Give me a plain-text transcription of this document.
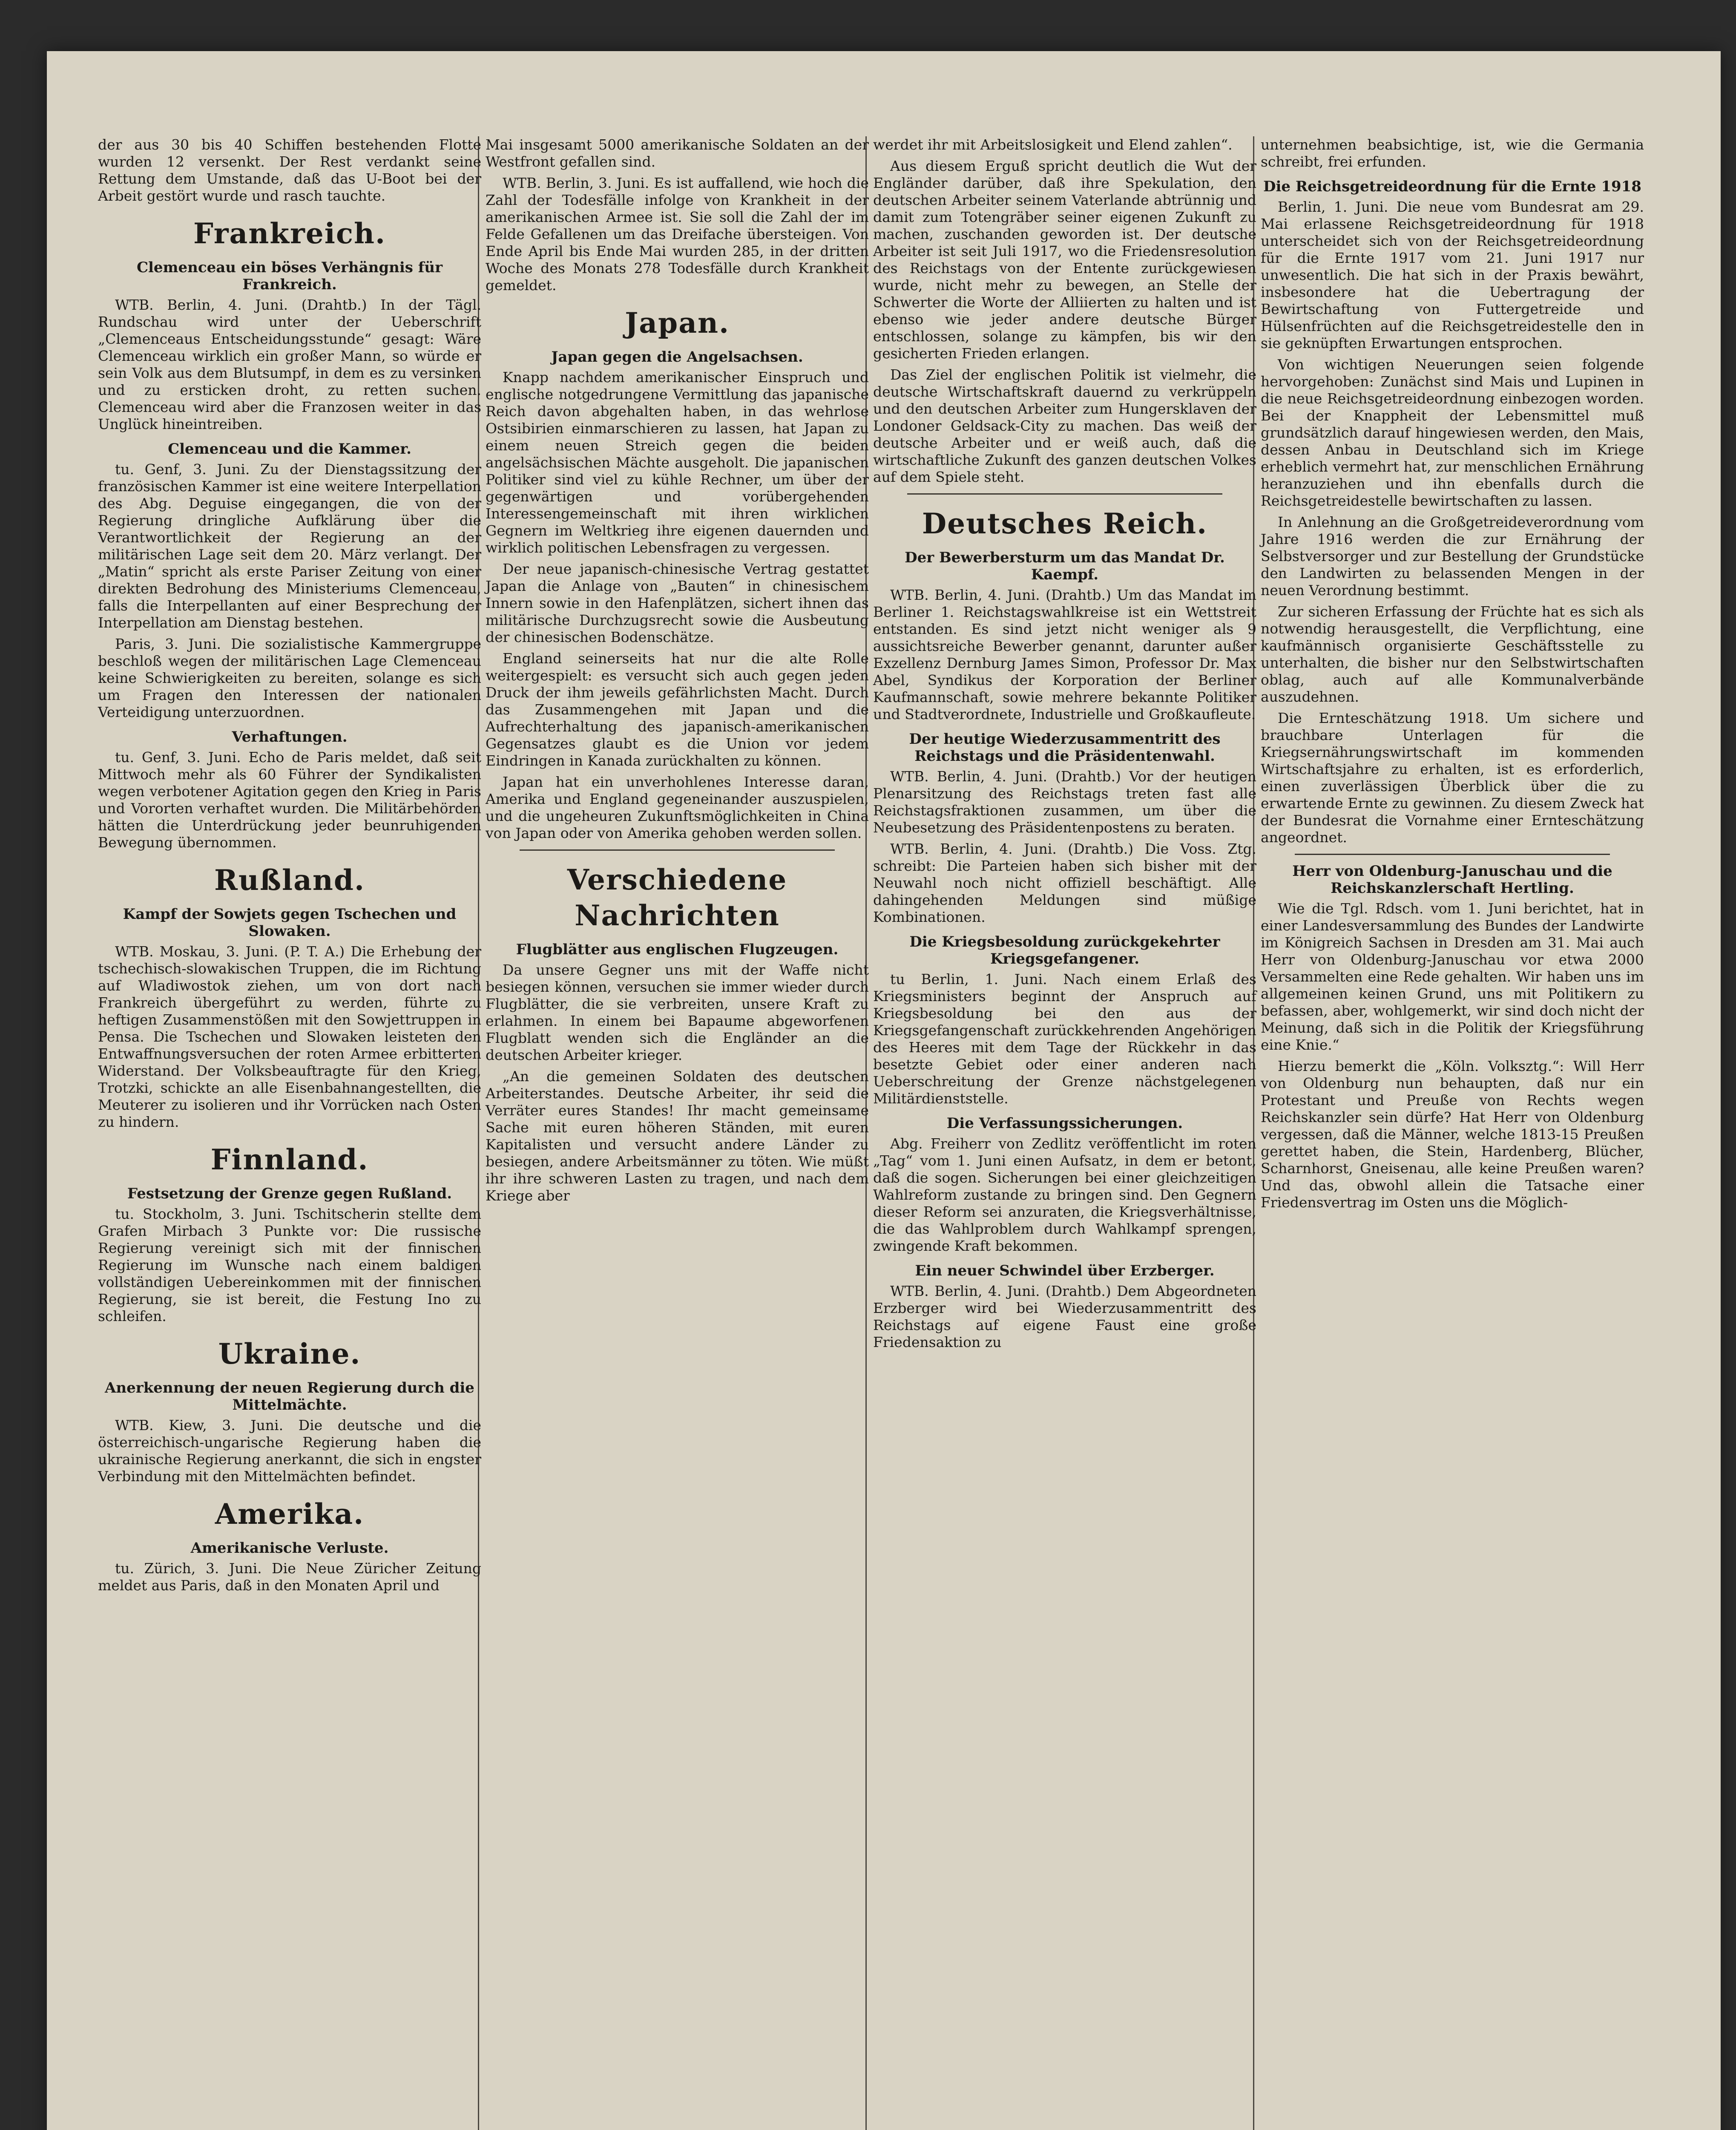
der aus 30 bis 40 Schiffen bestehenden Flotte wurden 12 versenkt. Der Rest verdankt seine Rettung dem Umstande, daß das U-Boot bei der Arbeit gestört wurde und rasch tauchte.

Frankreich.
Clemenceau ein böses Verhängnis für Frankreich.

WTB. Berlin, 4. Juni. (Drahtb.) In der Tägl. Rundschau wird unter der Ueberschrift „Clemenceaus Entscheidungsstunde“ gesagt: Wäre Clemenceau wirklich ein großer Mann, so würde er sein Volk aus dem Blutsumpf, in dem es zu versinken und zu ersticken droht, zu retten suchen. Clemenceau wird aber die Franzosen weiter in das Unglück hineintreiben.

Clemenceau und die Kammer.

tu. Genf, 3. Juni. Zu der Dienstagssitzung der französischen Kammer ist eine weitere Interpellation des Abg. Deguise eingegangen, die von der Regierung dringliche Aufklärung über die Verantwortlichkeit der Regierung an der militärischen Lage seit dem 20. März verlangt. Der „Matin“ spricht als erste Pariser Zeitung von einer direkten Bedrohung des Ministeriums Clemenceau, falls die Interpellanten auf einer Besprechung der Interpellation am Dienstag bestehen.

Paris, 3. Juni. Die sozialistische Kammergruppe beschloß wegen der militärischen Lage Clemenceau keine Schwierigkeiten zu bereiten, solange es sich um Fragen den Interessen der nationalen Verteidigung unterzuordnen.

Verhaftungen.

tu. Genf, 3. Juni. Echo de Paris meldet, daß seit Mittwoch mehr als 60 Führer der Syndikalisten wegen verbotener Agitation gegen den Krieg in Paris und Vororten verhaftet wurden. Die Militärbehörden hätten die Unterdrückung jeder beunruhigenden Bewegung übernommen.

Rußland.
Kampf der Sowjets gegen Tschechen und Slowaken.

WTB. Moskau, 3. Juni. (P. T. A.) Die Erhebung der tschechisch-slowakischen Truppen, die im Richtung auf Wladiwostok ziehen, um von dort nach Frankreich übergeführt zu werden, führte zu heftigen Zusammenstößen mit den Sowjettruppen in Pensa. Die Tschechen und Slowaken leisteten den Entwaffnungsversuchen der roten Armee erbitterten Widerstand. Der Volksbeauftragte für den Krieg, Trotzki, schickte an alle Eisenbahnangestellten, die Meuterer zu isolieren und ihr Vorrücken nach Osten zu hindern.

Finnland.
Festsetzung der Grenze gegen Rußland.

tu. Stockholm, 3. Juni. Tschitscherin stellte dem Grafen Mirbach 3 Punkte vor: Die russische Regierung vereinigt sich mit der finnischen Regierung im Wunsche nach einem baldigen vollständigen Uebereinkommen mit der finnischen Regierung, sie ist bereit, die Festung Ino zu schleifen.

Ukraine.
Anerkennung der neuen Regierung durch die Mittelmächte.

WTB. Kiew, 3. Juni. Die deutsche und die österreichisch-ungarische Regierung haben die ukrainische Regierung anerkannt, die sich in engster Verbindung mit den Mittelmächten befindet.

Amerika.
Amerikanische Verluste.

tu. Zürich, 3. Juni. Die Neue Züricher Zeitung meldet aus Paris, daß in den Monaten April und

Mai insgesamt 5000 amerikanische Soldaten an der Westfront gefallen sind.

WTB. Berlin, 3. Juni. Es ist auffallend, wie hoch die Zahl der Todesfälle infolge von Krankheit in der amerikanischen Armee ist. Sie soll die Zahl der im Felde Gefallenen um das Dreifache übersteigen. Von Ende April bis Ende Mai wurden 285, in der dritten Woche des Monats 278 Todesfälle durch Krankheit gemeldet.

Japan.
Japan gegen die Angelsachsen.

Knapp nachdem amerikanischer Einspruch und englische notgedrungene Vermittlung das japanische Reich davon abgehalten haben, in das wehrlose Ostsibirien einmarschieren zu lassen, hat Japan zu einem neuen Streich gegen die beiden angelsächsischen Mächte ausgeholt. Die japanischen Politiker sind viel zu kühle Rechner, um über der gegenwärtigen und vorübergehenden Interessengemeinschaft mit ihren wirklichen Gegnern im Weltkrieg ihre eigenen dauernden und wirklich politischen Lebensfragen zu vergessen.

Der neue japanisch-chinesische Vertrag gestattet Japan die Anlage von „Bauten“ in chinesischem Innern sowie in den Hafenplätzen, sichert ihnen das militärische Durchzugsrecht sowie die Ausbeutung der chinesischen Bodenschätze.

England seinerseits hat nur die alte Rolle weitergespielt: es versucht sich auch gegen jeden Druck der ihm jeweils gefährlichsten Macht. Durch das Zusammengehen mit Japan und die Aufrechterhaltung des japanisch-amerikanischen Gegensatzes glaubt es die Union vor jedem Eindringen in Kanada zurückhalten zu können.

Japan hat ein unverhohlenes Interesse daran, Amerika und England gegeneinander auszuspielen, und die ungeheuren Zukunftsmöglichkeiten in China von Japan oder von Amerika gehoben werden sollen.

Verschiedene Nachrichten
Flugblätter aus englischen Flugzeugen.

Da unsere Gegner uns mit der Waffe nicht besiegen können, versuchen sie immer wieder durch Flugblätter, die sie verbreiten, unsere Kraft zu erlahmen. In einem bei Bapaume abgeworfenen Flugblatt wenden sich die Engländer an die deutschen Arbeiter krieger.

„An die gemeinen Soldaten des deutschen Arbeiterstandes. Deutsche Arbeiter, ihr seid die Verräter eures Standes! Ihr macht gemeinsame Sache mit euren höheren Ständen, mit euren Kapitalisten und versucht andere Länder zu besiegen, andere Arbeitsmänner zu töten. Wie müßt ihr ihre schweren Lasten zu tragen, und nach dem Kriege aber

werdet ihr mit Arbeitslosigkeit und Elend zahlen“.

Aus diesem Erguß spricht deutlich die Wut der Engländer darüber, daß ihre Spekulation, den deutschen Arbeiter seinem Vaterlande abtrünnig und damit zum Totengräber seiner eigenen Zukunft zu machen, zuschanden geworden ist. Der deutsche Arbeiter ist seit Juli 1917, wo die Friedensresolution des Reichstags von der Entente zurückgewiesen wurde, nicht mehr zu bewegen, an Stelle der Schwerter die Worte der Alliierten zu halten und ist ebenso wie jeder andere deutsche Bürger entschlossen, solange zu kämpfen, bis wir den gesicherten Frieden erlangen.

Das Ziel der englischen Politik ist vielmehr, die deutsche Wirtschaftskraft dauernd zu verkrüppeln und den deutschen Arbeiter zum Hungersklaven der Londoner Geldsack-City zu machen. Das weiß der deutsche Arbeiter und er weiß auch, daß die wirtschaftliche Zukunft des ganzen deutschen Volkes auf dem Spiele steht.

Deutsches Reich.
Der Bewerbersturm um das Mandat Dr. Kaempf.

WTB. Berlin, 4. Juni. (Drahtb.) Um das Mandat im Berliner 1. Reichstagswahlkreise ist ein Wettstreit entstanden. Es sind jetzt nicht weniger als 9 aussichtsreiche Bewerber genannt, darunter außer Exzellenz Dernburg James Simon, Professor Dr. Max Abel, Syndikus der Korporation der Berliner Kaufmannschaft, sowie mehrere bekannte Politiker und Stadtverordnete, Industrielle und Großkaufleute.

Der heutige Wiederzusammentritt des Reichstags und die Präsidentenwahl.

WTB. Berlin, 4. Juni. (Drahtb.) Vor der heutigen Plenarsitzung des Reichstags treten fast alle Reichstagsfraktionen zusammen, um über die Neubesetzung des Präsidentenpostens zu beraten.

WTB. Berlin, 4. Juni. (Drahtb.) Die Voss. Ztg. schreibt: Die Parteien haben sich bisher mit der Neuwahl noch nicht offiziell beschäftigt. Alle dahingehenden Meldungen sind müßige Kombinationen.

Die Kriegsbesoldung zurückgekehrter Kriegsgefangener.

tu Berlin, 1. Juni. Nach einem Erlaß des Kriegsministers beginnt der Anspruch auf Kriegsbesoldung bei den aus der Kriegsgefangenschaft zurückkehrenden Angehörigen des Heeres mit dem Tage der Rückkehr in das besetzte Gebiet oder einer anderen nach Ueberschreitung der Grenze nächstgelegenen Militärdienststelle.

Die Verfassungssicherungen.

Abg. Freiherr von Zedlitz veröffentlicht im roten „Tag“ vom 1. Juni einen Aufsatz, in dem er betont, daß die sogen. Sicherungen bei einer gleichzeitigen Wahlreform zustande zu bringen sind. Den Gegnern dieser Reform sei anzuraten, die Kriegsverhältnisse, die das Wahlproblem durch Wahlkampf sprengen, zwingende Kraft bekommen.

Ein neuer Schwindel über Erzberger.

WTB. Berlin, 4. Juni. (Drahtb.) Dem Abgeordneten Erzberger wird bei Wiederzusammentritt des Reichstags auf eigene Faust eine große Friedensaktion zu

unternehmen beabsichtige, ist, wie die Germania schreibt, frei erfunden.

Die Reichsgetreideordnung für die Ernte 1918

Berlin, 1. Juni. Die neue vom Bundesrat am 29. Mai erlassene Reichsgetreideordnung für 1918 unterscheidet sich von der Reichsgetreideordnung für die Ernte 1917 vom 21. Juni 1917 nur unwesentlich. Die hat sich in der Praxis bewährt, insbesondere hat die Uebertragung der Bewirtschaftung von Futtergetreide und Hülsenfrüchten auf die Reichsgetreidestelle den in sie geknüpften Erwartungen entsprochen.

Von wichtigen Neuerungen seien folgende hervorgehoben: Zunächst sind Mais und Lupinen in die neue Reichsgetreideordnung einbezogen worden. Bei der Knappheit der Lebensmittel muß grundsätzlich darauf hingewiesen werden, den Mais, dessen Anbau in Deutschland sich im Kriege erheblich vermehrt hat, zur menschlichen Ernährung heranzuziehen und ihn ebenfalls durch die Reichsgetreidestelle bewirtschaften zu lassen.

In Anlehnung an die Großgetreideverordnung vom Jahre 1916 werden die zur Ernährung der Selbstversorger und zur Bestellung der Grundstücke den Landwirten zu belassenden Mengen in der neuen Verordnung bestimmt.

Zur sicheren Erfassung der Früchte hat es sich als notwendig herausgestellt, die Verpflichtung, eine kaufmännisch organisierte Geschäftsstelle zu unterhalten, die bisher nur den Selbstwirtschaften oblag, auch auf alle Kommunalverbände auszudehnen.

Die Ernteschätzung 1918. Um sichere und brauchbare Unterlagen für die Kriegsernährungswirtschaft im kommenden Wirtschaftsjahre zu erhalten, ist es erforderlich, einen zuverlässigen Überblick über die zu erwartende Ernte zu gewinnen. Zu diesem Zweck hat der Bundesrat die Vornahme einer Ernteschätzung angeordnet.

Herr von Oldenburg-Januschau und die Reichskanzlerschaft Hertling.

Wie die Tgl. Rdsch. vom 1. Juni berichtet, hat in einer Landesversammlung des Bundes der Landwirte im Königreich Sachsen in Dresden am 31. Mai auch Herr von Oldenburg-Januschau vor etwa 2000 Versammelten eine Rede gehalten. Wir haben uns im allgemeinen keinen Grund, uns mit Politikern zu befassen, aber, wohlgemerkt, wir sind doch nicht der Meinung, daß sich in die Politik der Kriegsführung eine Knie.“

Hierzu bemerkt die „Köln. Volksztg.“: Will Herr von Oldenburg nun behaupten, daß nur ein Protestant und Preuße von Rechts wegen Reichskanzler sein dürfe? Hat Herr von Oldenburg vergessen, daß die Männer, welche 1813-15 Preußen gerettet haben, die Stein, Hardenberg, Blücher, Scharnhorst, Gneisenau, alle keine Preußen waren? Und das, obwohl allein die Tatsache einer Friedensvertrag im Osten uns die Möglich-
